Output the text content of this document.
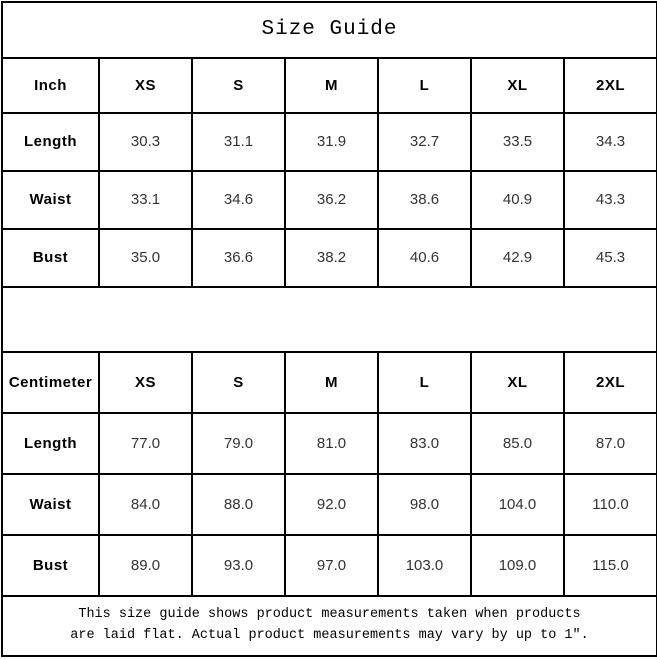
Size Guide						
Inch	XS	S	M	L	XL	2XL
Length	30.3	31.1	31.9	32.7	33.5	34.3
Waist	33.1	34.6	36.2	38.6	40.9	43.3
Bust	35.0	36.6	38.2	40.6	42.9	45.3

Centimeter	XS	S	M	L	XL	2XL
Length	77.0	79.0	81.0	83.0	85.0	87.0
Waist	84.0	88.0	92.0	98.0	104.0	110.0
Bust	89.0	93.0	97.0	103.0	109.0	115.0

This size guide shows product measurements taken when products
are laid flat. Actual product measurements may vary by up to 1″.						
